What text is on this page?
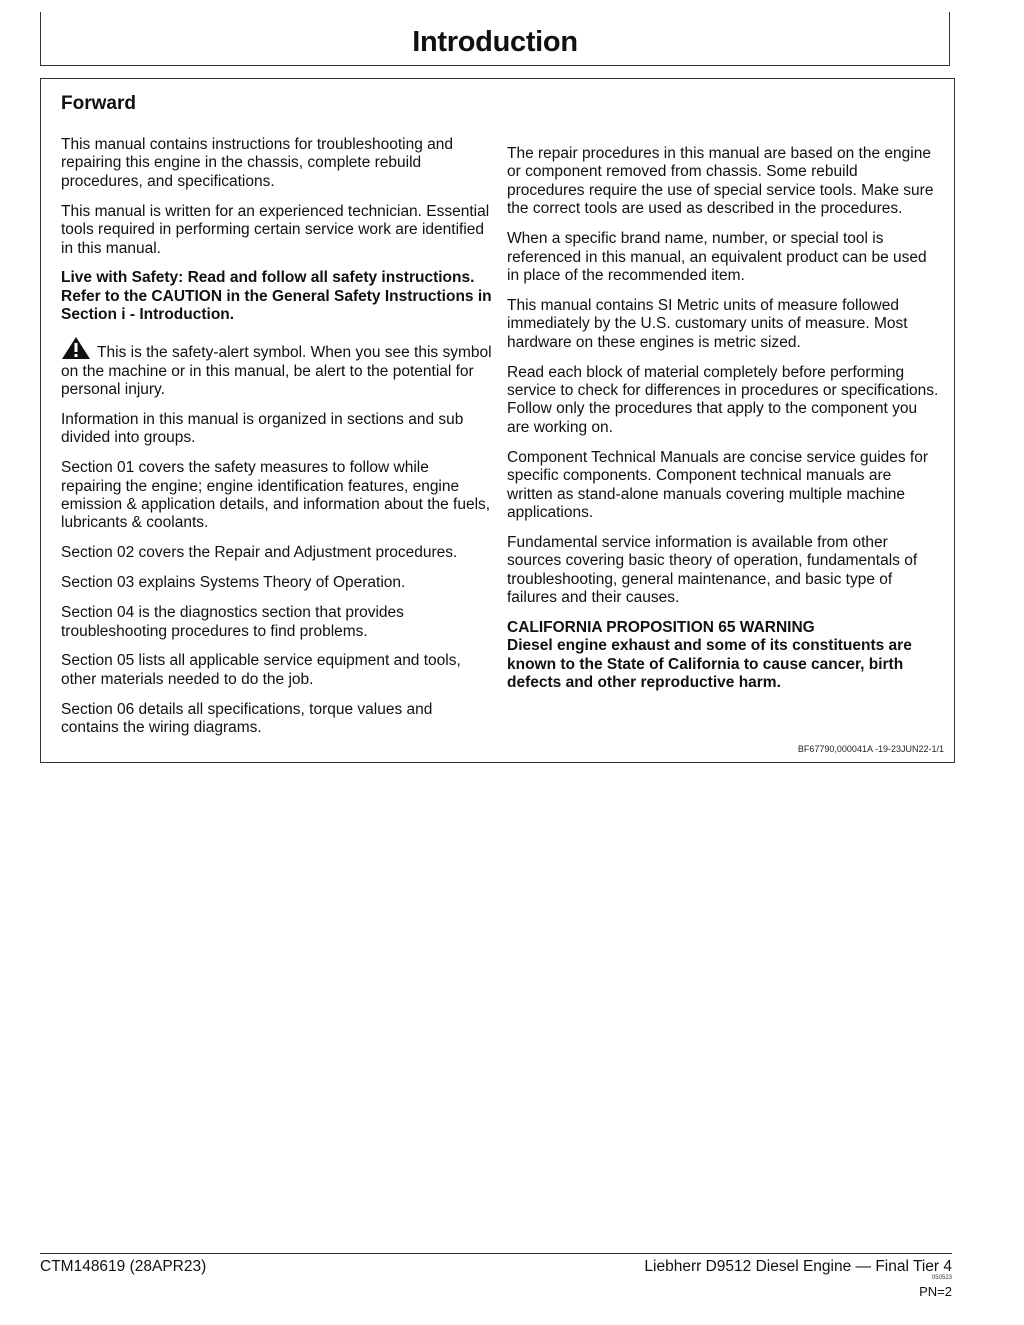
Introduction
Forward

This manual contains instructions for troubleshooting and repairing this engine in the chassis, complete rebuild procedures, and specifications.

This manual is written for an experienced technician. Essential tools required in performing certain service work are identified in this manual.

Live with Safety: Read and follow all safety instructions. Refer to the CAUTION in the General Safety Instructions in Section i - Introduction.

This is the safety-alert symbol. When you see this symbol on the machine or in this manual, be alert to the potential for personal injury.

Information in this manual is organized in sections and sub divided into groups.

Section 01 covers the safety measures to follow while repairing the engine; engine identification features, engine emission & application details, and information about the fuels, lubricants & coolants.

Section 02 covers the Repair and Adjustment procedures.

Section 03 explains Systems Theory of Operation.

Section 04 is the diagnostics section that provides troubleshooting procedures to find problems.

Section 05 lists all applicable service equipment and tools, other materials needed to do the job.

Section 06 details all specifications, torque values and contains the wiring diagrams.

The repair procedures in this manual are based on the engine or component removed from chassis. Some rebuild procedures require the use of special service tools. Make sure the correct tools are used as described in the procedures.

When a specific brand name, number, or special tool is referenced in this manual, an equivalent product can be used in place of the recommended item.

This manual contains SI Metric units of measure followed immediately by the U.S. customary units of measure. Most hardware on these engines is metric sized.

Read each block of material completely before performing service to check for differences in procedures or specifications. Follow only the procedures that apply to the component you are working on.

Component Technical Manuals are concise service guides for specific components. Component technical manuals are written as stand-alone manuals covering multiple machine applications.

Fundamental service information is available from other sources covering basic theory of operation, fundamentals of troubleshooting, general maintenance, and basic type of failures and their causes.

CALIFORNIA PROPOSITION 65 WARNING
Diesel engine exhaust and some of its constituents are known to the State of California to cause cancer, birth defects and other reproductive harm.

BF67790,000041A -19-23JUN22-1/1
CTM148619 (28APR23)	Liebherr D9512 Diesel Engine — Final Tier 4
050523
PN=2
